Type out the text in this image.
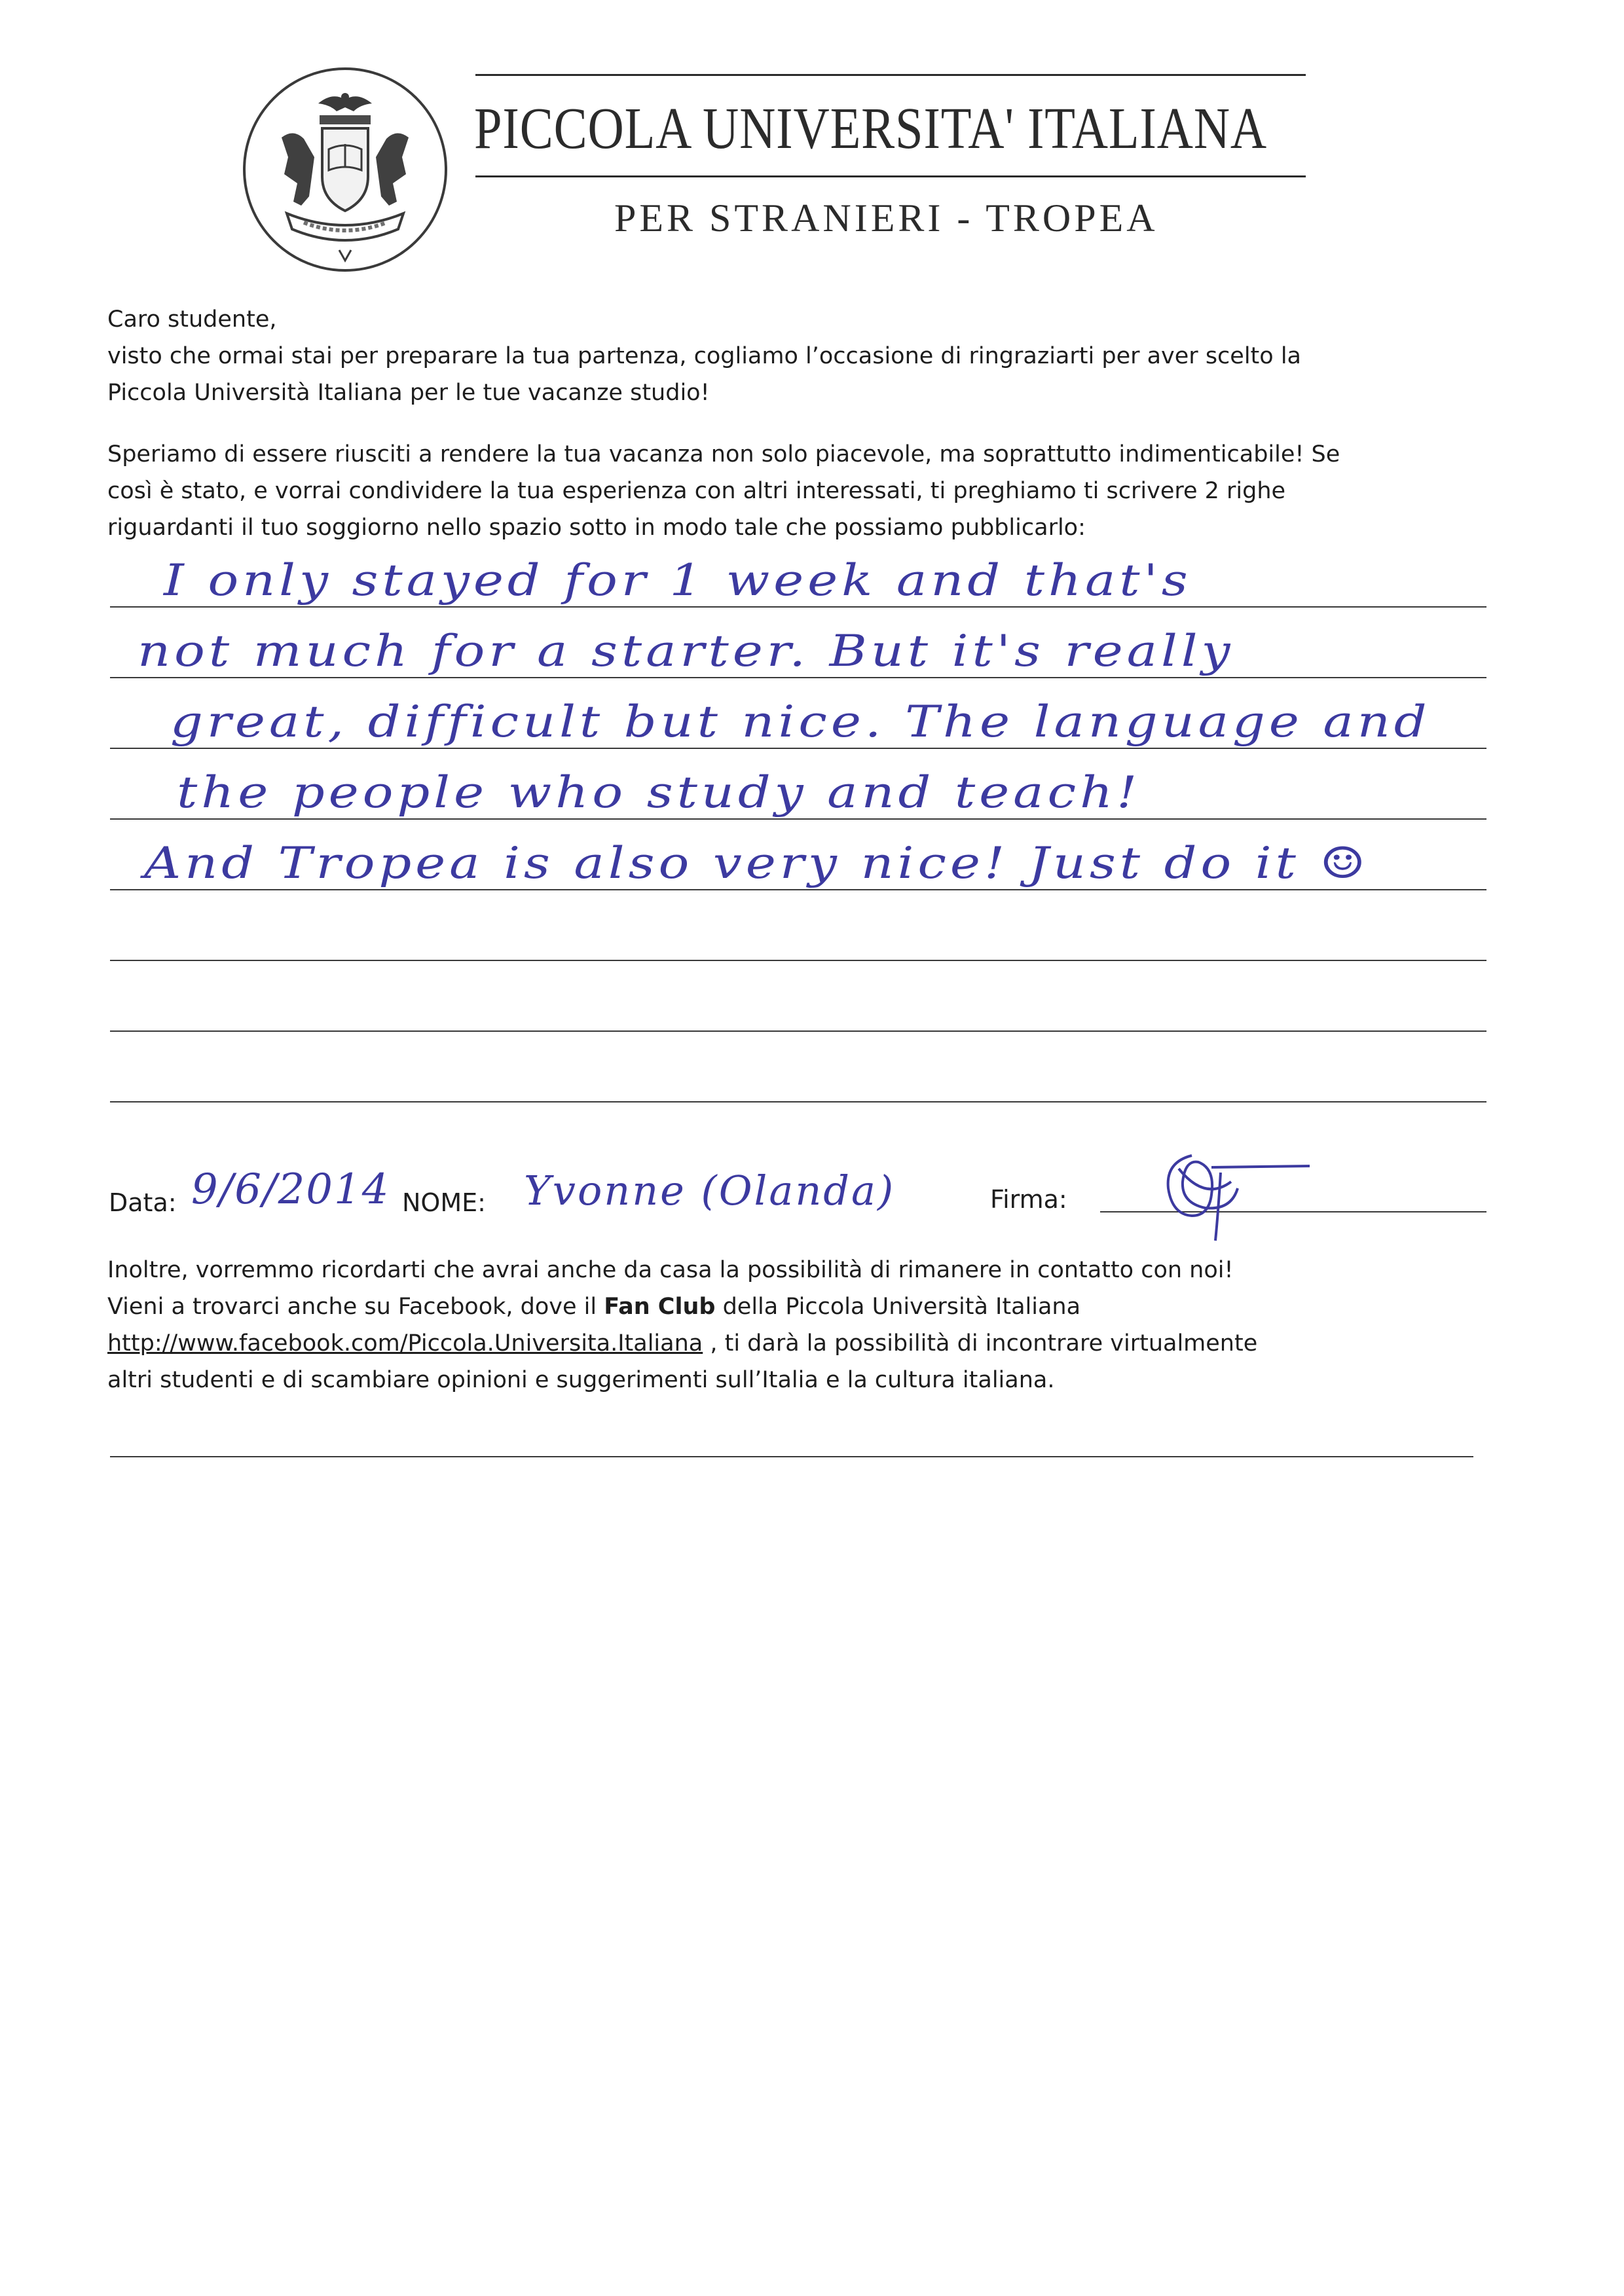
PICCOLA UNIVERSITA' ITALIANA
PER STRANIERI - TROPEA
Caro studente,
visto che ormai stai per preparare la tua partenza, cogliamo l’occasione di ringraziarti per aver scelto la
Piccola Università Italiana per le tue vacanze studio!
Speriamo di essere riusciti a rendere la tua vacanza non solo piacevole, ma soprattutto indimenticabile! Se
così è stato, e vorrai condividere la tua esperienza con altri interessati, ti preghiamo ti scrivere 2 righe
riguardanti il tuo soggiorno nello spazio sotto in modo tale che possiamo pubblicarlo:
I only stayed for 1 week and that's
not much for a starter. But it's really
great, difficult but nice. The language and
the people who study and teach!
And Tropea is also very nice! Just do it ☺
Data: 9/6/2014 NOME: Yvonne (Olanda)	Firma:
Inoltre, vorremmo ricordarti che avrai anche da casa la possibilità di rimanere in contatto con noi!
Vieni a trovarci anche su Facebook, dove il Fan Club della Piccola Università Italiana
http://www.facebook.com/Piccola.Universita.Italiana , ti darà la possibilità di incontrare virtualmente
altri studenti e di scambiare opinioni e suggerimenti sull’Italia e la cultura italiana.
